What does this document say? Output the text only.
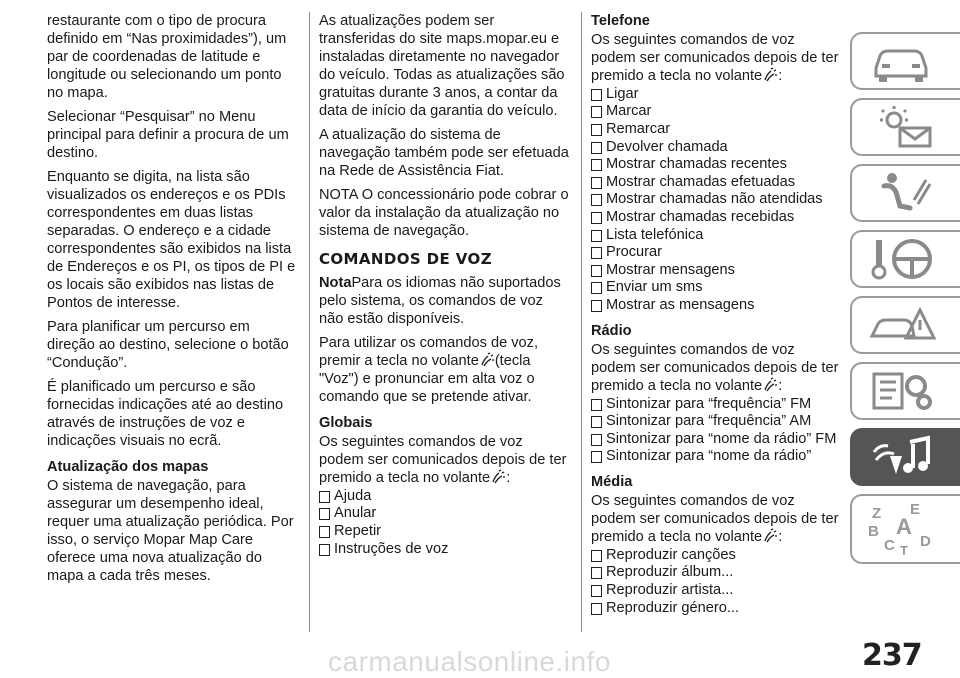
restaurante com o tipo de procura definido em “Nas proximidades”), um par de coordenadas de latitude e longitude ou selecionando um ponto no mapa.

Selecionar “Pesquisar” no Menu principal para definir a procura de um destino.

Enquanto se digita, na lista são visualizados os endereços e os PDIs correspondentes em duas listas separadas. O endereço e a cidade correspondentes são exibidos na lista de Endereços e os PI, os tipos de PI e os locais são exibidos nas listas de Pontos de interesse.

Para planificar um percurso em direção ao destino, selecione o botão “Condução”.

É planificado um percurso e são fornecidas indicações até ao destino através de instruções de voz e indicações visuais no ecrã.

Atualização dos mapas

O sistema de navegação, para assegurar um desempenho ideal, requer uma atualização periódica. Por isso, o serviço Mopar Map Care oferece uma nova atualização do mapa a cada três meses.

As atualizações podem ser transferidas do site maps.mopar.eu e instaladas diretamente no navegador do veículo. Todas as atualizações são gratuitas durante 3 anos, a contar da data de início da garantia do veículo.

A atualização do sistema de navegação também pode ser efetuada na Rede de Assistência Fiat.

NOTA O concessionário pode cobrar o valor da instalação da atualização no sistema de navegação.

COMANDOS DE VOZ

NotaPara os idiomas não suportados pelo sistema, os comandos de voz não estão disponíveis.

Para utilizar os comandos de voz, premir a tecla no volante (tecla "Voz") e pronunciar em alta voz o comando que se pretende ativar.

Globais

Os seguintes comandos de voz podem ser comunicados depois de ter premido a tecla no volante :

Ajuda
Anular
Repetir
Instruções de voz
Telefone

Os seguintes comandos de voz podem ser comunicados depois de ter premido a tecla no volante :

Ligar
Marcar
Remarcar
Devolver chamada
Mostrar chamadas recentes
Mostrar chamadas efetuadas
Mostrar chamadas não atendidas
Mostrar chamadas recebidas
Lista telefónica
Procurar
Mostrar mensagens
Enviar um sms
Mostrar as mensagens
Rádio

Os seguintes comandos de voz podem ser comunicados depois de ter premido a tecla no volante :

Sintonizar para “frequência” FM
Sintonizar para “frequência” AM
Sintonizar para “nome da rádio” FM
Sintonizar para “nome da rádio”
Média

Os seguintes comandos de voz podem ser comunicados depois de ter premido a tecla no volante :

Reproduzir canções
Reproduzir álbum...
Reproduzir artista...
Reproduzir género...
Z E
B A
C D
T
237
carmanualsonline.info
